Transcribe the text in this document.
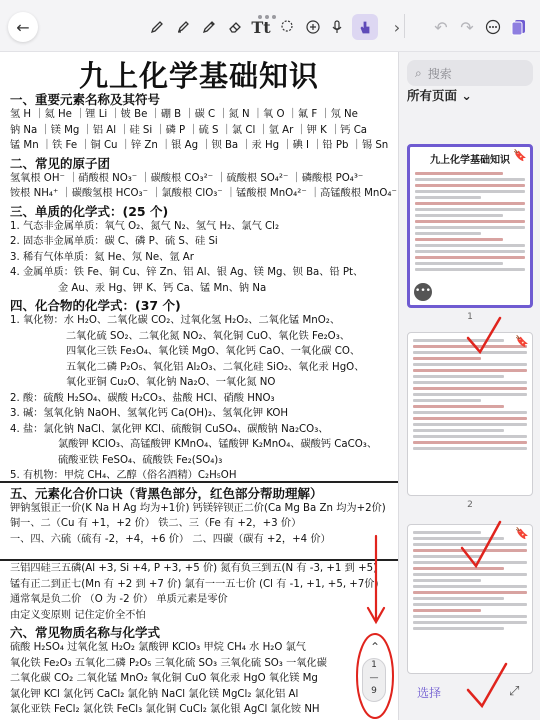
←	Tt	› ↶ ↷
九上化学基础知识
一、重要元素名称及其符号
氢 H ｜氦 He ｜锂 Li ｜铍 Be ｜硼 B ｜碳 C ｜氮 N ｜氧 O ｜氟 F ｜氖 Ne
钠 Na ｜镁 Mg ｜铝 Al ｜硅 Si ｜磷 P ｜硫 S ｜氯 Cl ｜氩 Ar ｜钾 K ｜钙 Ca
锰 Mn ｜铁 Fe ｜铜 Cu ｜锌 Zn ｜银 Ag ｜钡 Ba ｜汞 Hg ｜碘 I ｜铅 Pb ｜锡 Sn
二、常见的原子团
氢氧根 OH⁻ ｜硝酸根 NO₃⁻ ｜碳酸根 CO₃²⁻ ｜硫酸根 SO₄²⁻ ｜磷酸根 PO₄³⁻
铵根 NH₄⁺ ｜碳酸氢根 HCO₃⁻ ｜氯酸根 ClO₃⁻ ｜锰酸根 MnO₄²⁻ ｜高锰酸根 MnO₄⁻
三、单质的化学式：(25 个)
1. 气态非金属单质：氧气 O₂、氮气 N₂、氢气 H₂、氯气 Cl₂
2. 固态非金属单质：碳 C、磷 P、硫 S、硅 Si
3. 稀有气体单质：氦 He、氖 Ne、氩 Ar
4. 金属单质：铁 Fe、铜 Cu、锌 Zn、铝 Al、银 Ag、镁 Mg、钡 Ba、铅 Pt、
金 Au、汞 Hg、钾 K、钙 Ca、锰 Mn、钠 Na
四、化合物的化学式：(37 个)
1. 氧化物：水 H₂O、二氧化碳 CO₂、过氧化氢 H₂O₂、二氧化锰 MnO₂、
二氧化硫 SO₂、二氧化氮 NO₂、氧化铜 CuO、氧化铁 Fe₂O₃、
四氧化三铁 Fe₃O₄、氧化镁 MgO、氧化钙 CaO、一氧化碳 CO、
五氧化二磷 P₂O₅、氧化铝 Al₂O₃、二氧化硅 SiO₂、氧化汞 HgO、
氧化亚铜 Cu₂O、氧化钠 Na₂O、一氧化氮 NO
2. 酸：硫酸 H₂SO₄、碳酸 H₂CO₃、盐酸 HCl、硝酸 HNO₃
3. 碱：氢氧化钠 NaOH、氢氧化钙 Ca(OH)₂、氢氧化钾 KOH
4. 盐：氯化钠 NaCl、氯化钾 KCl、硫酸铜 CuSO₄、碳酸钠 Na₂CO₃、
氯酸钾 KClO₃、高锰酸钾 KMnO₄、锰酸钾 K₂MnO₄、碳酸钙 CaCO₃、
硫酸亚铁 FeSO₄、硫酸铁 Fe₂(SO₄)₃
5. 有机物：甲烷 CH₄、乙醇（俗名酒精）C₂H₅OH
五、元素化合价口诀（背黑色部分，红色部分帮助理解）
钾钠氢银正一价(K Na H Ag 均为+1价) 钙镁锌钡正二价(Ca Mg Ba Zn 均为+2价)
铜一、二（Cu 有 +1，+2 价） 铁二、三（Fe 有 +2，+3 价）
一、四、六硫（硫有 -2，+4，+6 价） 二、四碳（碳有 +2，+4 价）
三铝四硅三五磷(Al +3, Si +4, P +3, +5 价) 氮有负三到五(N 有 -3, +1 到 +5)
锰有正二到正七(Mn 有 +2 到 +7 价) 氯有一一五七价 (Cl 有 -1, +1, +5, +7价)
通常氧是负二价 （O 为 -2 价） 单质元素是零价
由定义变原则 记住定价全不怕
六、常见物质名称与化学式
硫酸 H₂SO₄ 过氧化氢 H₂O₂ 氯酸钾 KClO₃ 甲烷 CH₄ 水 H₂O 氯气
氧化铁 Fe₂O₃ 五氧化二磷 P₂O₅ 三氧化硫 SO₃ 三氧化硫 SO₃ 一氧化碳
二氧化碳 CO₂ 二氧化锰 MnO₂ 氧化铜 CuO 氧化汞 HgO 氧化镁 Mg
氯化钾 KCl 氯化钙 CaCl₂ 氯化钠 NaCl 氯化镁 MgCl₂ 氯化铝 Al
氯化亚铁 FeCl₂ 氯化铁 FeCl₃ 氯化铜 CuCl₂ 氯化银 AgCl 氯化铵 NH
⌃
1
—
9
⌕ 搜索
所有页面 ⌄
🔖
九上化学基础知识
•••
1
🔖
2
🔖
选择	⤢
